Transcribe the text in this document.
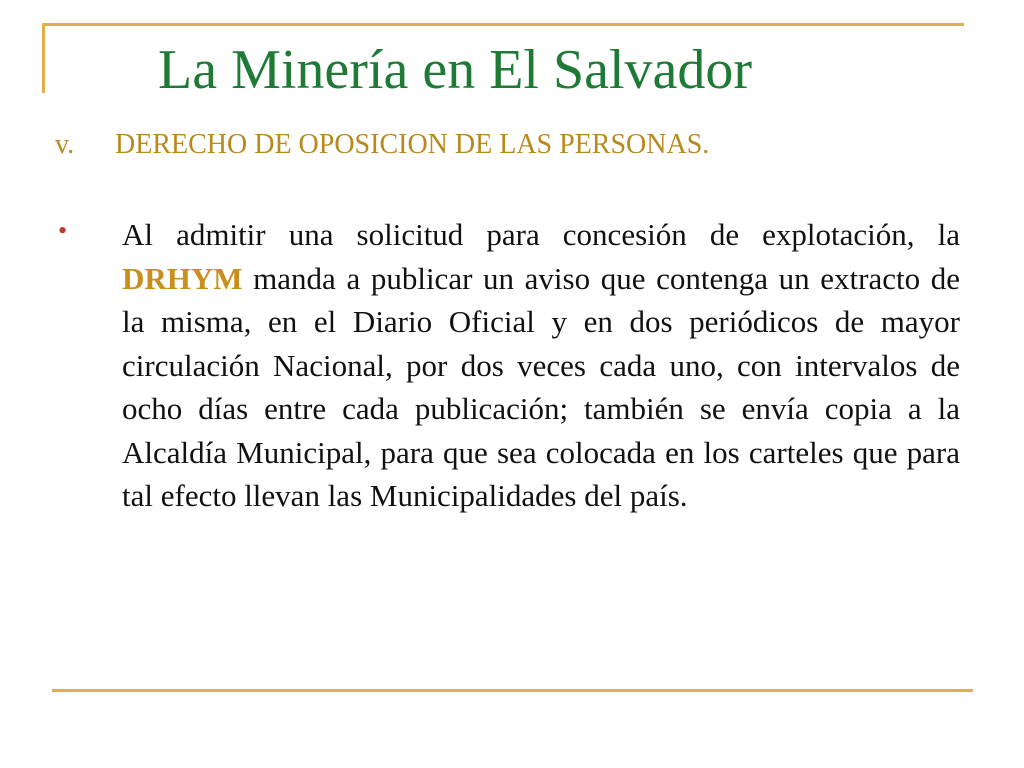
La Minería en El Salvador
v. DERECHO DE OPOSICION DE LAS PERSONAS.
• Al admitir una solicitud para concesión de explotación, la DRHYM manda a publicar un aviso que contenga un extracto de la misma, en el Diario Oficial y en dos periódicos de mayor circulación Nacional, por dos veces cada uno, con intervalos de ocho días entre cada publicación; también se envía copia a la Alcaldía Municipal, para que sea colocada en los carteles que para tal efecto llevan las Municipalidades del país.
